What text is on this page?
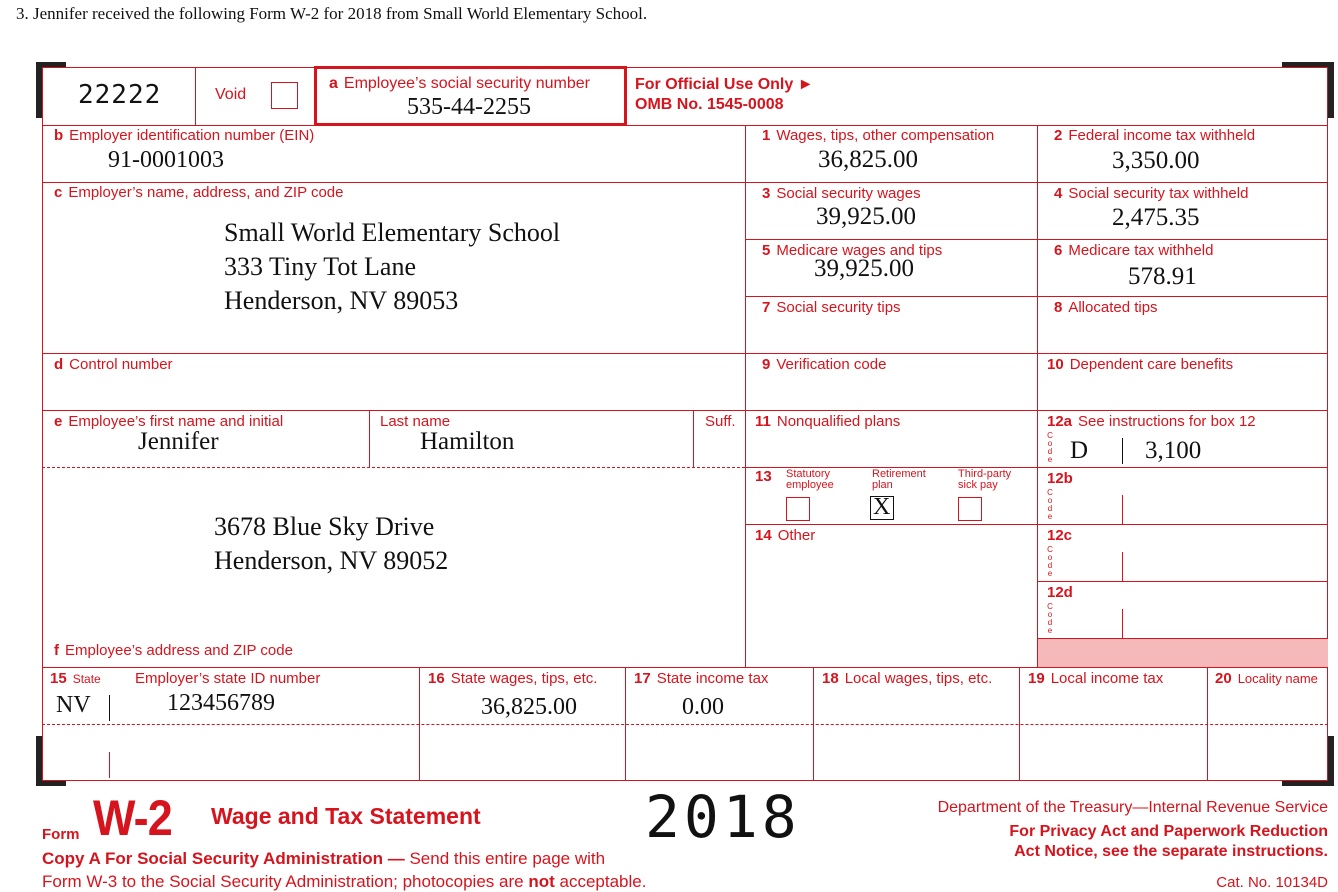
3. Jennifer received the following Form W-2 for 2018 from Small World Elementary School.
22222	Void
a Employee’s social security number
535-44-2255
For Official Use Only ►
OMB No. 1545-0008
b Employer identification number (EIN)
91-0001003
c Employer’s name, address, and ZIP code
Small World Elementary School
333 Tiny Tot Lane
Henderson, NV 89053
d Control number
e Employee’s first name and initial
Jennifer
Last name
Hamilton
Suff.
3678 Blue Sky Drive
Henderson, NV 89052
f Employee’s address and ZIP code
1 Wages, tips, other compensation
36,825.00
3 Social security wages
39,925.00
5 Medicare wages and tips
39,925.00
7 Social security tips
9 Verification code
11 Nonqualified plans
13 Statutory
employee
Retirement
plan
Third-party
sick pay
X
14 Other
2 Federal income tax withheld
3,350.00
4 Social security tax withheld
2,475.35
6 Medicare tax withheld
578.91
8 Allocated tips
10 Dependent care benefits
12a See instructions for box 12
C
o
d
e D 3,100
12b
C
o
d
e
12c
C
o
d
e
12d
C
o
d
e
15 State Employer’s state ID number
NV	123456789
16 State wages, tips, etc.
36,825.00
17 State income tax
0.00
18 Local wages, tips, etc. 19 Local income tax	20 Locality name
Form W-2 Wage and Tax Statement	2018
Copy A For Social Security Administration — Send this entire page with
Form W-3 to the Social Security Administration; photocopies are not acceptable.
Department of the Treasury—Internal Revenue Service
For Privacy Act and Paperwork Reduction
Act Notice, see the separate instructions.
Cat. No. 10134D
